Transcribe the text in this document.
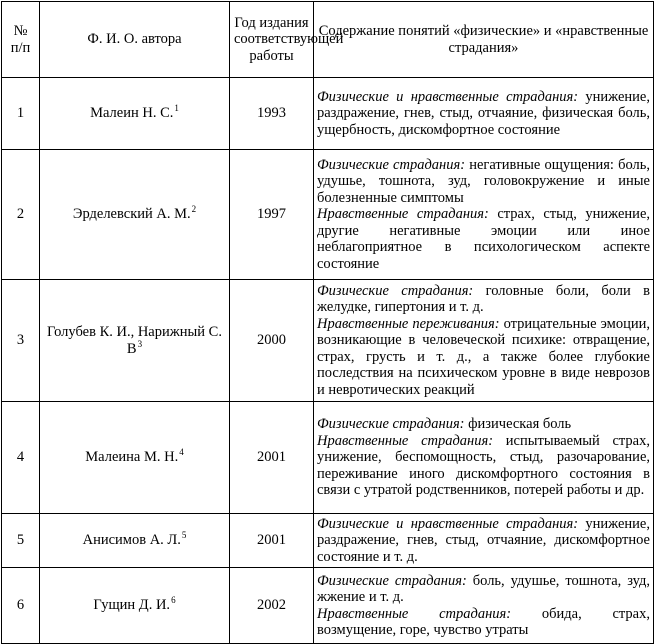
№ п/п	Ф. И. О. автора	Год издания соответствующей работы	Содержание понятий «физические» и «нравственные страдания»
1	Малеин Н. С.$^1$	1993	Физические и нравственные страдания: унижение, раздражение, гнев, стыд, отчаяние, физическая боль, ущербность, дискомфортное состояние

2	Эрделевский А. М.$^2$	1997	Физические страдания: негативные ощущения: боль, удушье, тошнота, зуд, головокружение и иные болезненные симптомы
Нравственные страдания: страх, стыд, унижение, другие негативные эмоции или иное неблагоприятное в психологическом аспекте состояние

3	Голубев К. И., Нарижный С. $В^3$	2000	Физические страдания: головные боли, боли в желудке, гипертония и т. д.
Нравственные переживания: отрицательные эмоции, возникающие в человеческой психике: отвращение, страх, грусть и т. д., а также более глубокие последствия на психическом уровне в виде неврозов и невротических реакций

4	Малеина М. Н.$^4$	2001	Физические страдания: физическая боль
Нравственные страдания: испытываемый страх, унижение, беспомощность, стыд, разочарование, переживание иного дискомфортного состояния в связи с утратой родственников, потерей работы и др.

5	Анисимов А. Л.$^5$	2001	Физические и нравственные страдания: унижение, раздражение, гнев, стыд, отчаяние, дискомфортное состояние и т. д.

6	Гущин Д. И.$^6$	2002	Физические страдания: боль, удушье, тошнота, зуд, жжение и т. д.
Нравственные страдания: обида, страх, возмущение, горе, чувство утраты
